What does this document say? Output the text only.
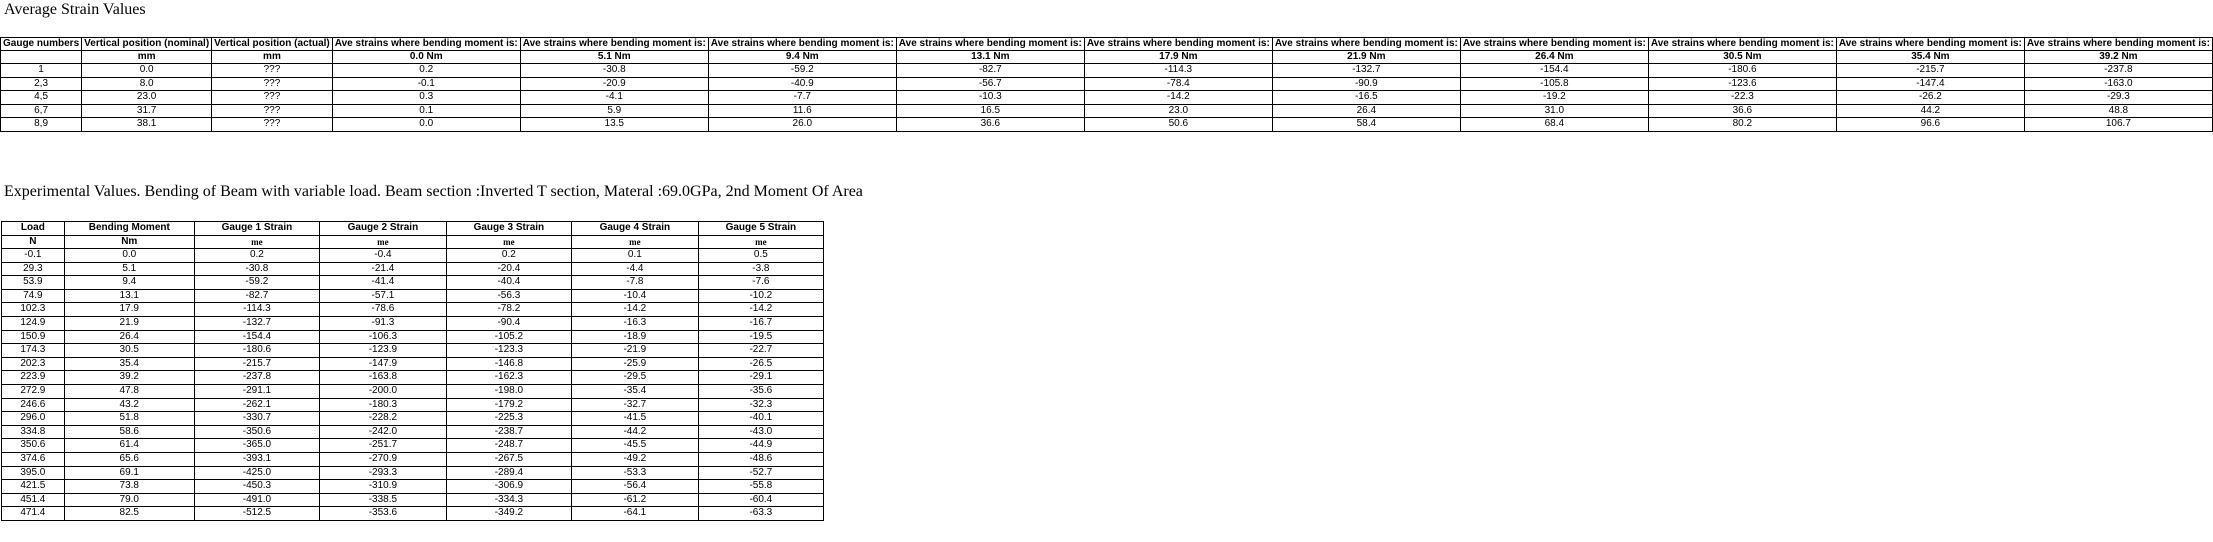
Average Strain Values
Gauge numbers	Vertical position (nominal)	Vertical position (actual)	Ave strains where bending moment is:	Ave strains where bending moment is:	Ave strains where bending moment is:	Ave strains where bending moment is:	Ave strains where bending moment is:	Ave strains where bending moment is:	Ave strains where bending moment is:	Ave strains where bending moment is:	Ave strains where bending moment is:	Ave strains where bending moment is:
	mm	mm	0.0 Nm	5.1 Nm	9.4 Nm	13.1 Nm	17.9 Nm	21.9 Nm	26.4 Nm	30.5 Nm	35.4 Nm	39.2 Nm
1	0.0	???	0.2	-30.8	-59.2	-82.7	-114.3	-132.7	-154.4	-180.6	-215.7	-237.8
2,3	8.0	???	-0.1	-20.9	-40.9	-56.7	-78.4	-90.9	-105.8	-123.6	-147.4	-163.0
4,5	23.0	???	0.3	-4.1	-7.7	-10.3	-14.2	-16.5	-19.2	-22.3	-26.2	-29.3
6,7	31.7	???	0.1	5.9	11.6	16.5	23.0	26.4	31.0	36.6	44.2	48.8
8,9	38.1	???	0.0	13.5	26.0	36.6	50.6	58.4	68.4	80.2	96.6	106.7
Experimental Values. Bending of Beam with variable load. Beam section :Inverted T section, Materal :69.0GPa, 2nd Moment Of Area
Load	Bending Moment	Gauge 1 Strain	Gauge 2 Strain	Gauge 3 Strain	Gauge 4 Strain	Gauge 5 Strain
N	Nm	me	me	me	me	me
-0.1	0.0	0.2	-0.4	0.2	0.1	0.5
29.3	5.1	-30.8	-21.4	-20.4	-4.4	-3.8
53.9	9.4	-59.2	-41.4	-40.4	-7.8	-7.6
74.9	13.1	-82.7	-57.1	-56.3	-10.4	-10.2
102.3	17.9	-114.3	-78.6	-78.2	-14.2	-14.2
124.9	21.9	-132.7	-91.3	-90.4	-16.3	-16.7
150.9	26.4	-154.4	-106.3	-105.2	-18.9	-19.5
174.3	30.5	-180.6	-123.9	-123.3	-21.9	-22.7
202.3	35.4	-215.7	-147.9	-146.8	-25.9	-26.5
223.9	39.2	-237.8	-163.8	-162.3	-29.5	-29.1
272.9	47.8	-291.1	-200.0	-198.0	-35.4	-35.6
246.6	43.2	-262.1	-180.3	-179.2	-32.7	-32.3
296.0	51.8	-330.7	-228.2	-225.3	-41.5	-40.1
334.8	58.6	-350.6	-242.0	-238.7	-44.2	-43.0
350.6	61.4	-365.0	-251.7	-248.7	-45.5	-44.9
374.6	65.6	-393.1	-270.9	-267.5	-49.2	-48.6
395.0	69.1	-425.0	-293.3	-289.4	-53.3	-52.7
421.5	73.8	-450.3	-310.9	-306.9	-56.4	-55.8
451.4	79.0	-491.0	-338.5	-334.3	-61.2	-60.4
471.4	82.5	-512.5	-353.6	-349.2	-64.1	-63.3
